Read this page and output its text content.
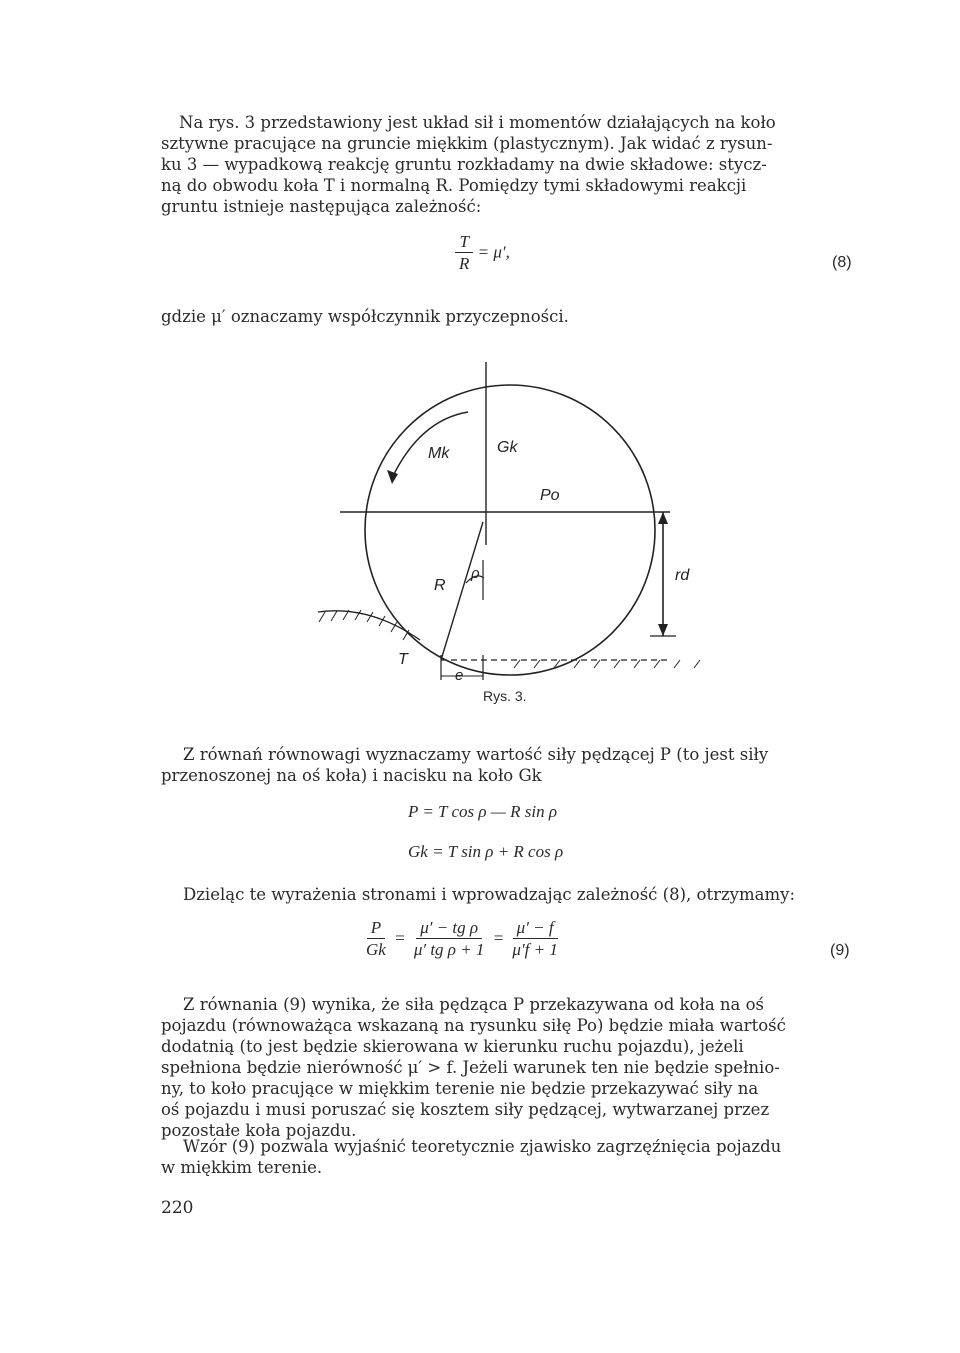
Na rys. 3 przedstawiony jest układ sił i momentów działających na koło
sztywne pracujące na gruncie miękkim (plastycznym). Jak widać z rysun-
ku 3 — wypadkową reakcję gruntu rozkładamy na dwie składowe: stycz-
ną do obwodu koła T i normalną R. Pomiędzy tymi składowymi reakcji
gruntu istnieje następująca zależność:
$\frac{T}{R} = \mu'$,
(8)
gdzie μ′ oznaczamy współczynnik przyczepności.
Mk	Gk
Po
rd
R
ρ
T
e
Rys. 3.
Z równań równowagi wyznaczamy wartość siły pędzącej P (to jest siły
przenoszonej na oś koła) i nacisku na koło Gk
P = T cos ρ — R sin ρ
Gk = T sin ρ + R cos ρ
Dzieląc te wyrażenia stronami i wprowadzając zależność (8), otrzymamy:
$\frac{P}{Gk} = \frac{\text{μ′ − tg ρ}}{\text{μ′ tg ρ + 1}} = \frac{\mu' - f}{\mu'f + 1}$	(9)
Z równania (9) wynika, że siła pędząca P przekazywana od koła na oś
pojazdu (równoważąca wskazaną na rysunku siłę Po) będzie miała wartość
dodatnią (to jest będzie skierowana w kierunku ruchu pojazdu), jeżeli
spełniona będzie nierówność μ′ > f. Jeżeli warunek ten nie będzie spełnio-
ny, to koło pracujące w miękkim terenie nie będzie przekazywać siły na
oś pojazdu i musi poruszać się kosztem siły pędzącej, wytwarzanej przez
pozostałe koła pojazdu.
Wzór (9) pozwala wyjaśnić teoretycznie zjawisko zagrzęźnięcia pojazdu
w miękkim terenie.
220
